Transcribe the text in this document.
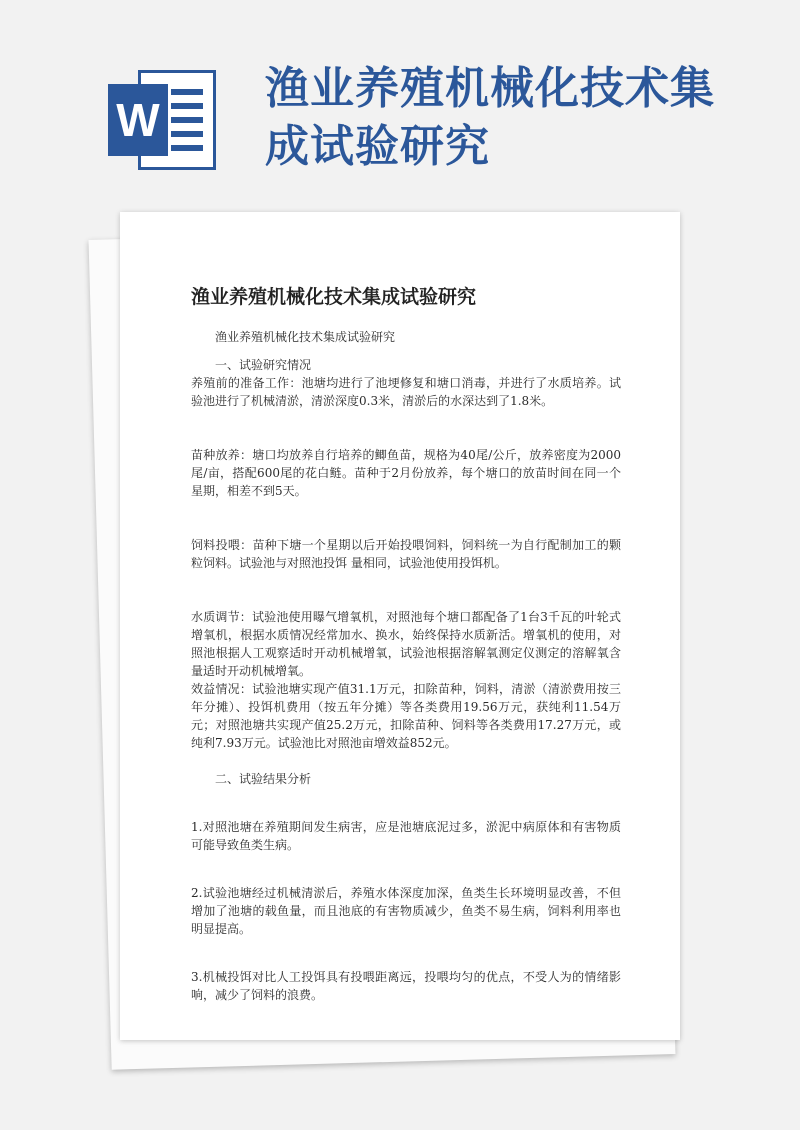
W
渔业养殖机械化技术集成试验研究
渔业养殖机械化技术集成试验研究

渔业养殖机械化技术集成试验研究

一、试验研究情况

养殖前的准备工作：池塘均进行了池埂修复和塘口消毒，并进行了水质培养。试验池进行了机械清淤，清淤深度0.3米，清淤后的水深达到了1.8米。

苗种放养：塘口均放养自行培养的鲫鱼苗，规格为40尾/公斤，放养密度为2000尾/亩，搭配600尾的花白鲢。苗种于2月份放养，每个塘口的放苗时间在同一个星期，相差不到5天。

饲料投喂：苗种下塘一个星期以后开始投喂饲料，饲料统一为自行配制加工的颗粒饲料。试验池与对照池投饵 量相同，试验池使用投饵机。

水质调节：试验池使用曝气增氧机，对照池每个塘口都配备了1台3千瓦的叶轮式增氧机，根据水质情况经常加水、换水，始终保持水质新活。增氧机的使用，对照池根据人工观察适时开动机械增氧，试验池根据溶解氧测定仪测定的溶解氧含量适时开动机械增氧。

效益情况：试验池塘实现产值31.1万元，扣除苗种，饲料，清淤（清淤费用按三年分摊）、投饵机费用（按五年分摊）等各类费用19.56万元，获纯利11.54万元；对照池塘共实现产值25.2万元，扣除苗种、饲料等各类费用17.27万元，或纯利7.93万元。试验池比对照池亩增效益852元。

二、试验结果分析

1.对照池塘在养殖期间发生病害，应是池塘底泥过多，淤泥中病原体和有害物质可能导致鱼类生病。

2.试验池塘经过机械清淤后，养殖水体深度加深，鱼类生长环境明显改善，不但增加了池塘的载鱼量，而且池底的有害物质减少，鱼类不易生病，饲料利用率也明显提高。

3.机械投饵对比人工投饵具有投喂距离远，投喂均匀的优点，不受人为的情绪影响，减少了饲料的浪费。
